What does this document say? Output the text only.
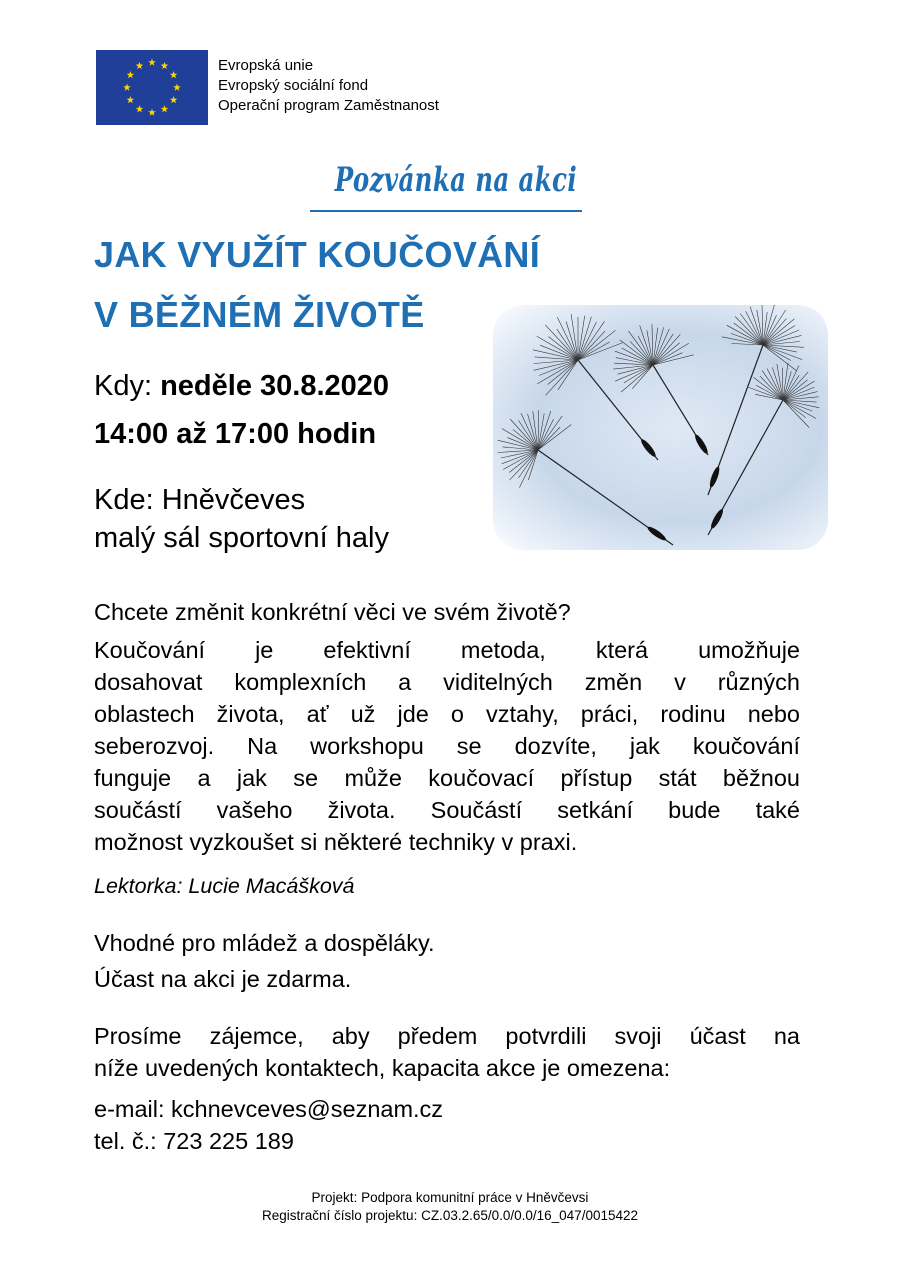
Evropská unie
Evropský sociální fond
Operační program Zaměstnanost
Pozvánka na akci
JAK VYUŽÍT KOUČOVÁNÍ
V BĚŽNÉM ŽIVOTĚ
Kdy: neděle 30.8.2020
14:00 až 17:00 hodin
Kde: Hněvčeves
malý sál sportovní haly
Chcete změnit konkrétní věci ve svém životě?
Koučování je efektivní metoda, která umožňuje
dosahovat komplexních a viditelných změn v různých
oblastech života, ať už jde o vztahy, práci, rodinu nebo
seberozvoj. Na workshopu se dozvíte, jak koučování
funguje a jak se může koučovací přístup stát běžnou
součástí vašeho života. Součástí setkání bude také
možnost vyzkoušet si některé techniky v praxi.
Lektorka: Lucie Macášková
Vhodné pro mládež a dospěláky.
Účast na akci je zdarma.
Prosíme zájemce, aby předem potvrdili svoji účast na
níže uvedených kontaktech, kapacita akce je omezena:
e-mail: kchnevceves@seznam.cz
tel. č.: 723 225 189
Projekt: Podpora komunitní práce v Hněvčevsi
Registrační číslo projektu: CZ.03.2.65/0.0/0.0/16_047/0015422
